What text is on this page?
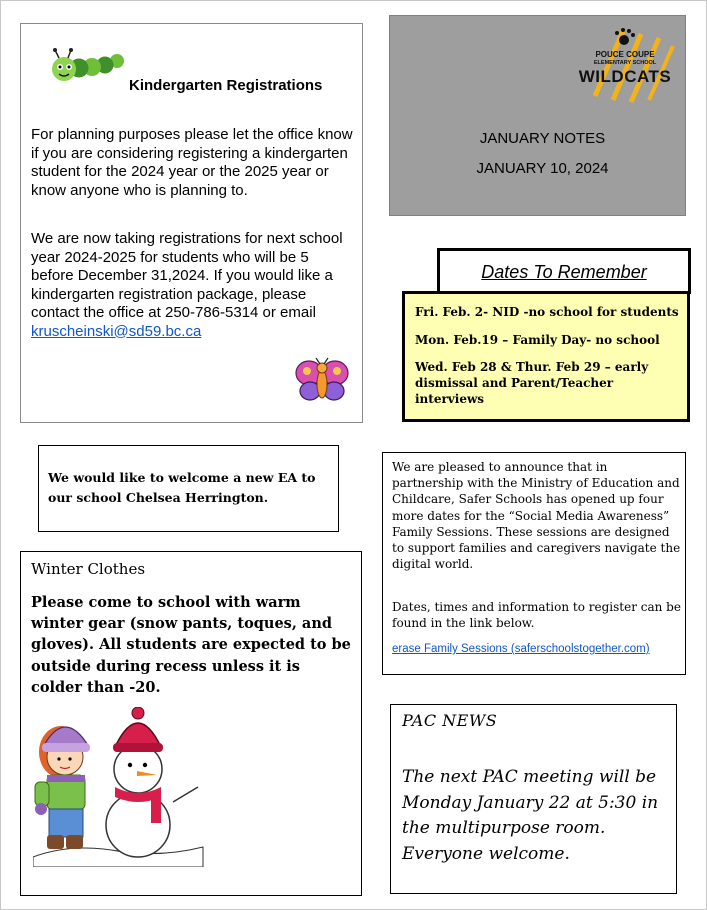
Kindergarten Registrations

For planning purposes please let the office know if you are considering registering a kindergarten student for the 2024 year or the 2025 year or know anyone who is planning to.

We are now taking registrations for next school year 2024-2025 for students who will be 5 before December 31,2024. If you would like a kindergarten registration package, please contact the office at 250-786-5314 or email kruscheinski@sd59.bc.ca

POUCE COUPE
ELEMENTARY SCHOOL
WILDCATS
JANUARY NOTES
JANUARY 10, 2024
Dates To Remember
Fri. Feb. 2- NID -no school for students
Mon. Feb.19 – Family Day- no school
Wed. Feb 28 & Thur. Feb 29 – early dismissal and Parent/Teacher interviews
We would like to welcome a new EA to our school Chelsea Herrington.
Winter Clothes
Please come to school with warm winter gear (snow pants, toques, and gloves). All students are expected to be outside during recess unless it is colder than -20.
We are pleased to announce that in partnership with the Ministry of Education and Childcare, Safer Schools has opened up four more dates for the “Social Media Awareness” Family Sessions. These sessions are designed to support families and caregivers navigate the digital world.
Dates, times and information to register can be found in the link below.
erase Family Sessions (saferschoolstogether.com)
PAC NEWS
The next PAC meeting will be Monday January 22 at 5:30 in the multipurpose room. Everyone welcome.
